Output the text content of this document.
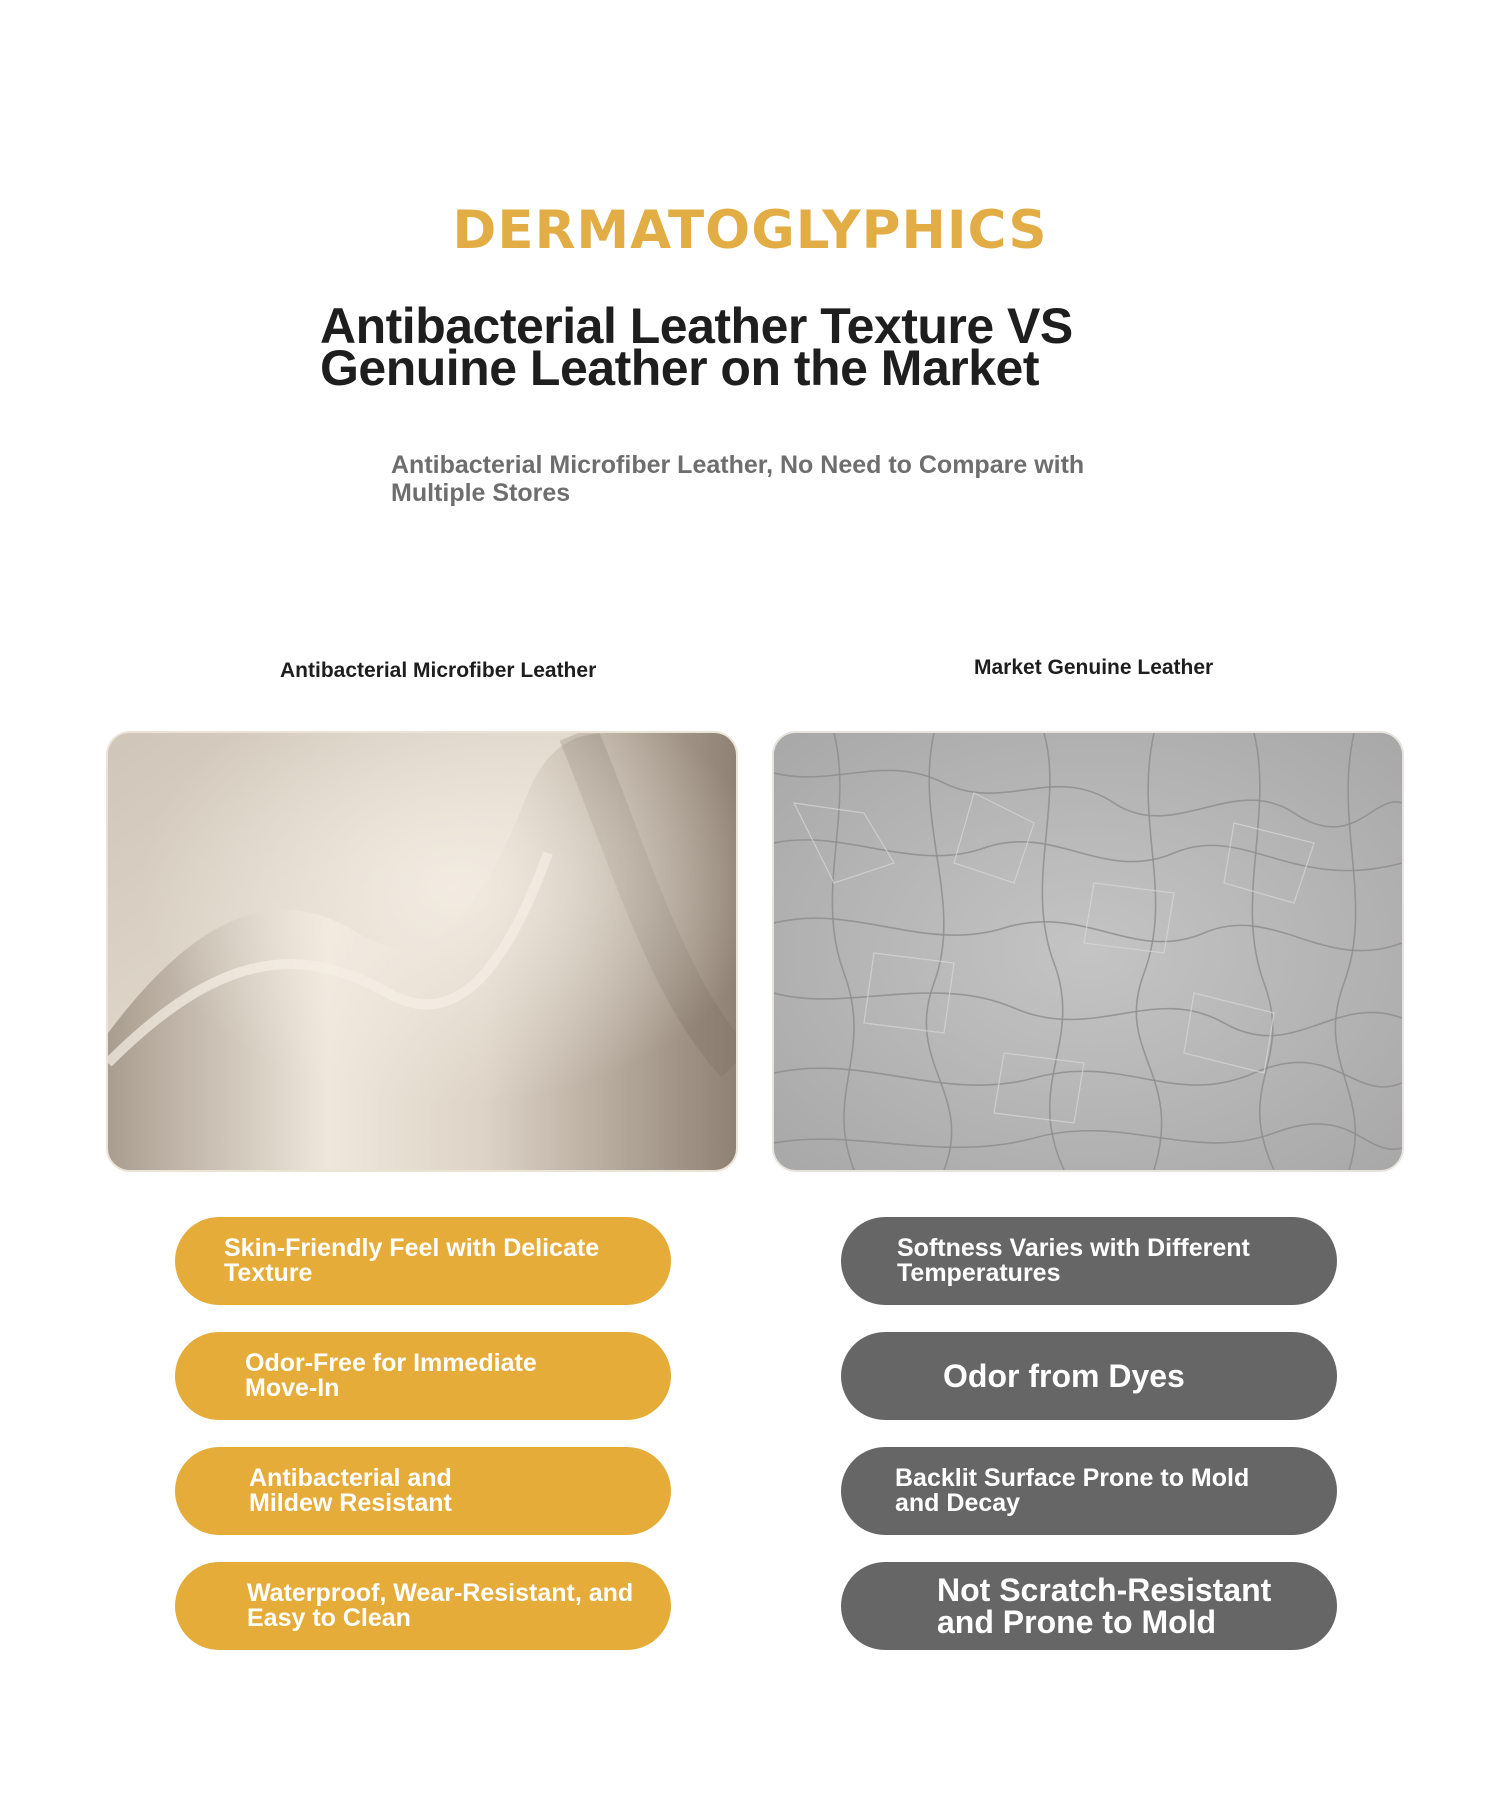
DERMATOGLYPHICS
Antibacterial Leather Texture VS
Genuine Leather on the Market
Antibacterial Microfiber Leather, No Need to Compare with
Multiple Stores
Antibacterial Microfiber Leather	Market Genuine Leather
Skin-Friendly Feel with Delicate
Texture
Odor-Free for Immediate
Move-In
Antibacterial and
Mildew Resistant
Waterproof, Wear-Resistant, and
Easy to Clean
Softness Varies with Different
Temperatures
Odor from Dyes
Backlit Surface Prone to Mold
and Decay
Not Scratch-Resistant
and Prone to Mold
